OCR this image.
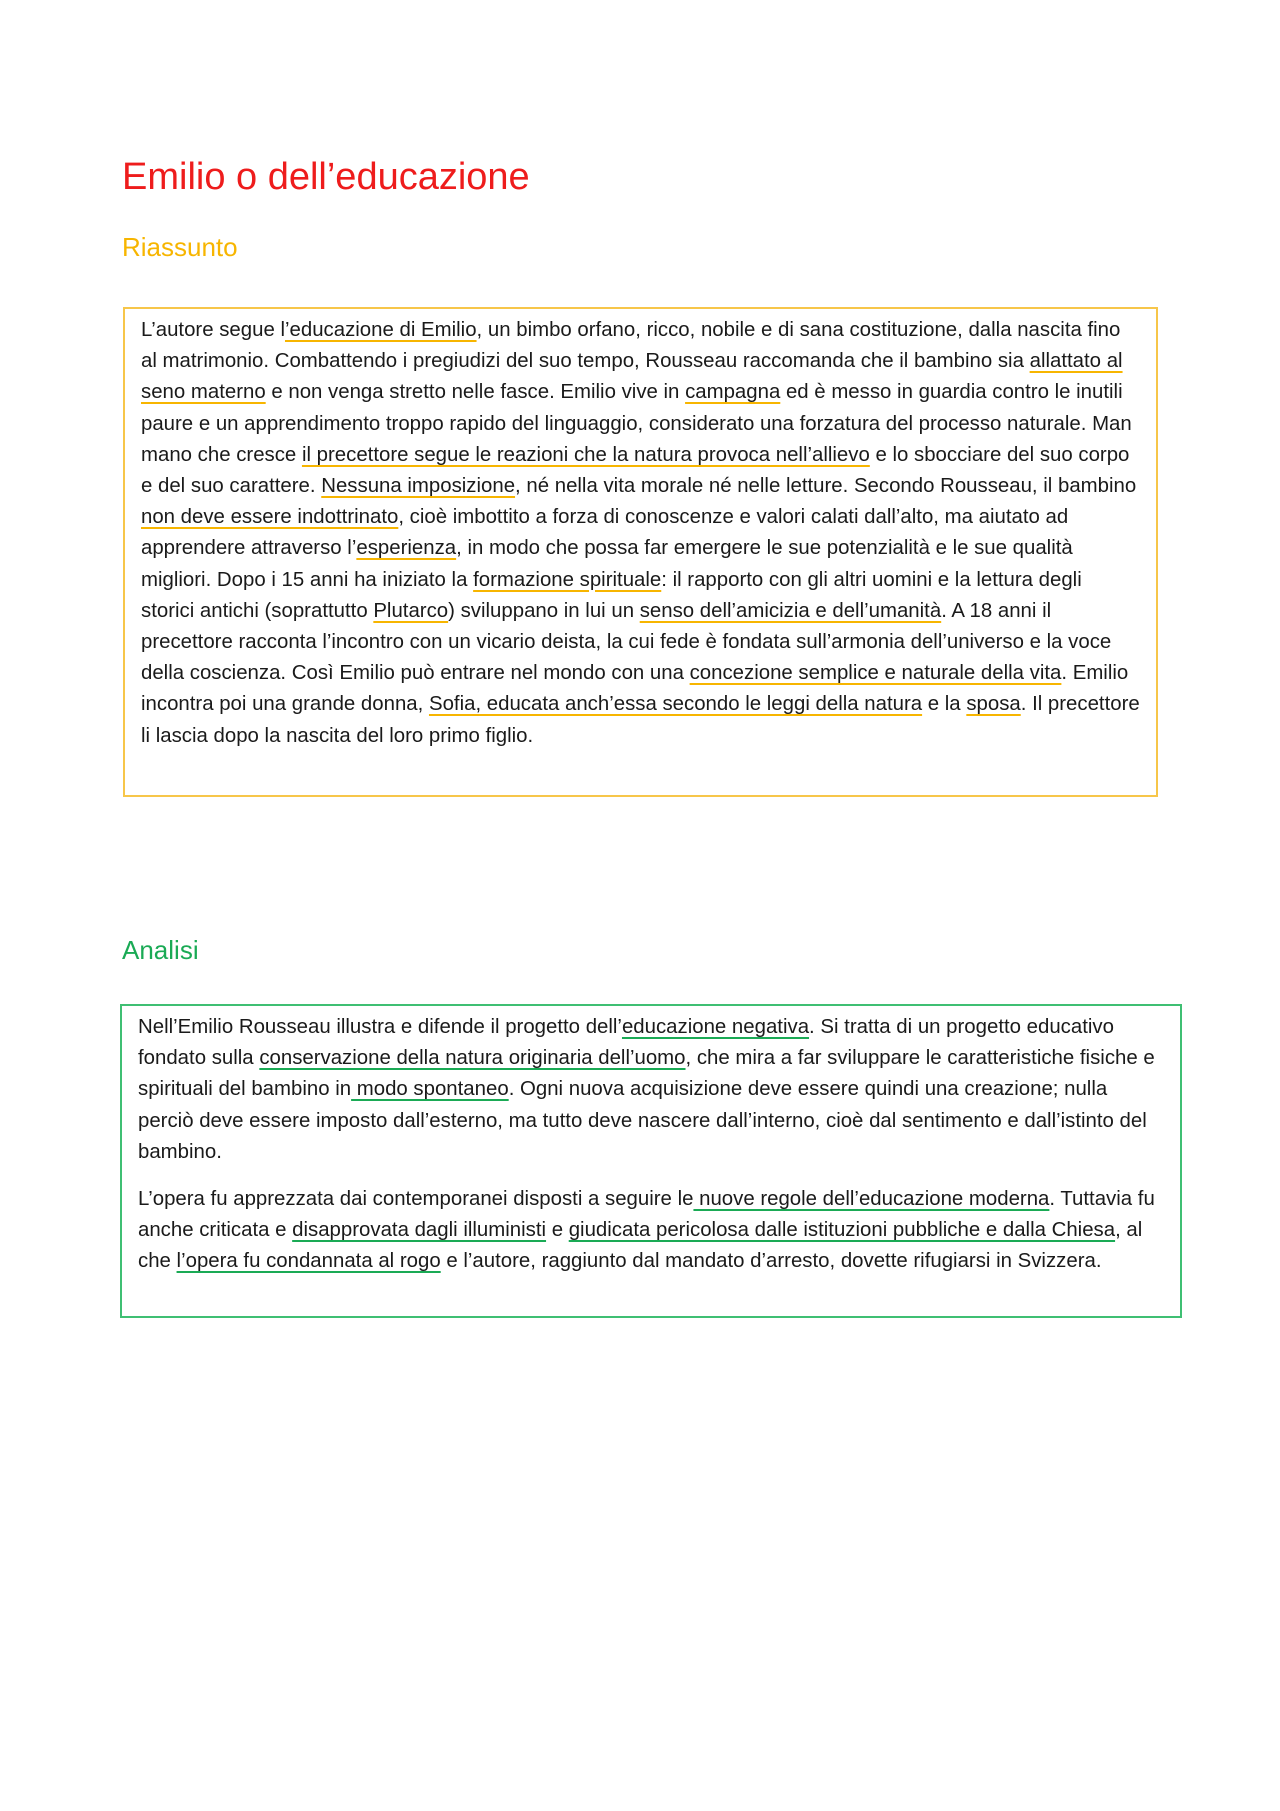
Emilio o dell’educazione
Riassunto

L’autore segue l’educazione di Emilio, un bimbo orfano, ricco, nobile e di sana costituzione, dalla nascita fino al matrimonio. Combattendo i pregiudizi del suo tempo, Rousseau raccomanda che il bambino sia allattato al seno materno e non venga stretto nelle fasce. Emilio vive in campagna ed è messo in guardia contro le inutili paure e un apprendimento troppo rapido del linguaggio, considerato una forzatura del processo naturale. Man mano che cresce il precettore segue le reazioni che la natura provoca nell’allievo e lo sbocciare del suo corpo e del suo carattere. Nessuna imposizione, né nella vita morale né nelle letture. Secondo Rousseau, il bambino non deve essere indottrinato, cioè imbottito a forza di conoscenze e valori calati dall’alto, ma aiutato ad apprendere attraverso l’esperienza, in modo che possa far emergere le sue potenzialità e le sue qualità migliori. Dopo i 15 anni ha iniziato la formazione spirituale: il rapporto con gli altri uomini e la lettura degli storici antichi (soprattutto Plutarco) sviluppano in lui un senso dell’amicizia e dell’umanità. A 18 anni il precettore racconta l’incontro con un vicario deista, la cui fede è fondata sull’armonia dell’universo e la voce della coscienza. Così Emilio può entrare nel mondo con una concezione semplice e naturale della vita. Emilio incontra poi una grande donna, Sofia, educata anch’essa secondo le leggi della natura e la sposa. Il precettore li lascia dopo la nascita del loro primo figlio.

Analisi

Nell’Emilio Rousseau illustra e difende il progetto dell’educazione negativa. Si tratta di un progetto educativo fondato sulla conservazione della natura originaria dell’uomo, che mira a far sviluppare le caratteristiche fisiche e spirituali del bambino in modo spontaneo. Ogni nuova acquisizione deve essere quindi una creazione; nulla perciò deve essere imposto dall’esterno, ma tutto deve nascere dall’interno, cioè dal sentimento e dall’istinto del bambino.

L’opera fu apprezzata dai contemporanei disposti a seguire le nuove regole dell’educazione moderna. Tuttavia fu anche criticata e disapprovata dagli illuministi e giudicata pericolosa dalle istituzioni pubbliche e dalla Chiesa, al che l’opera fu condannata al rogo e l’autore, raggiunto dal mandato d’arresto, dovette rifugiarsi in Svizzera.
